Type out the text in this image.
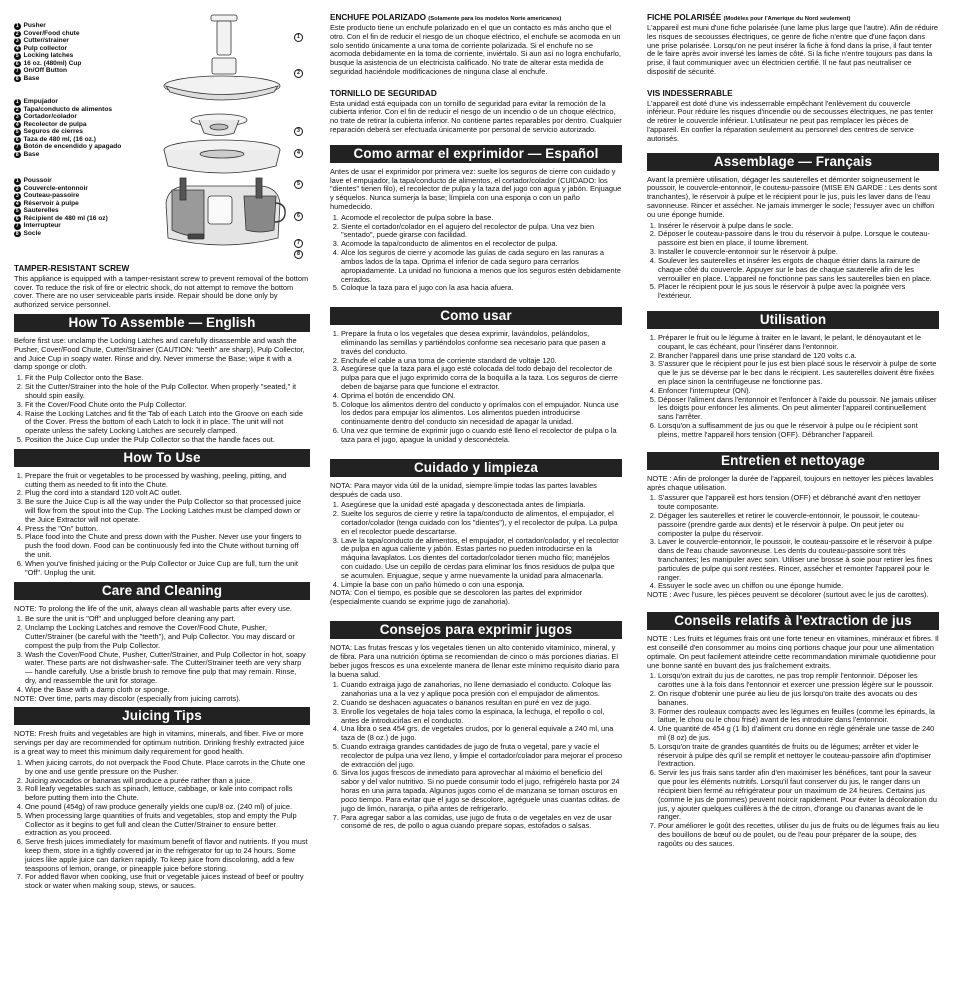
1 Pusher
2 Cover/Food chute
3 Cutter/strainer
4 Pulp collector
5 Locking latches
6 16 oz. (480ml) Cup
7 On/Off Button
8 Base
1 Empujador
2 Tapa/conducto de alimentos
3 Cortador/colador
4 Recolector de pulpa
5 Seguros de cierres
6 Taza de 480 ml, (16 oz.)
7 Botón de encendido y apagado
8 Base
1 Poussoir
2 Couvercle-entonnoir
3 Couteau-passoire
4 Réservoir à pulpe
5 Sauterelles
6 Récipient de 480 ml (16 oz)
7 Interrupteur
8 Socle
1
2
3
4
5
6
7
8
TAMPER-RESISTANT SCREW

This appliance is equipped with a tamper-resistant screw to prevent removal of the bottom cover. To reduce the risk of fire or electric shock, do not attempt to remove the bottom cover. There are no user serviceable parts inside. Repair should be done only by authorized service personnel.

How To Assemble — English

Before first use: unclamp the Locking Latches and carefully disassemble and wash the Pusher, Cover/Food Chute, Cutter/Strainer (CAUTION: "teeth" are sharp), Pulp Collector, and Juice Cup in soapy water. Rinse and dry. Never immerse the Base; wipe it with a damp sponge or cloth.

1. Fit the Pulp Collector onto the Base.
2. Sit the Cutter/Strainer into the hole of the Pulp Collector. When properly "seated," it should spin easily.
3. Fit the Cover/Food Chute onto the Pulp Collector.
4. Raise the Locking Latches and fit the Tab of each Latch into the Groove on each side of the Cover. Press the bottom of each Latch to lock it in place. The unit will not operate unless the safety Locking Latches are securely clamped.
5. Position the Juice Cup under the Pulp Collector so that the handle faces out.
How To Use
1. Prepare the fruit or vegetables to be processed by washing, peeling, pitting, and cutting them as needed to fit into the Chute.
2. Plug the cord into a standard 120 volt AC outlet.
3. Be sure the Juice Cup is all the way under the Pulp Collector so that processed juice will flow from the spout into the Cup. The Locking Latches must be clamped down or the Juice Extractor will not operate.
4. Press the "On" button.
5. Place food into the Chute and press down with the Pusher. Never use your fingers to push the food down. Food can be continuously fed into the Chute without turning off the unit.
6. When you've finished juicing or the Pulp Collector or Juice Cup are full, turn the unit "Off". Unplug the unit.
Care and Cleaning

NOTE: To prolong the life of the unit, always clean all washable parts after every use.

1. Be sure the unit is "Off" and unplugged before cleaning any part.
2. Unclamp the Locking Latches and remove the Cover/Food Chute, Pusher, Cutter/Strainer (be careful with the "teeth"), and Pulp Collector. You may discard or compost the pulp from the Pulp Collector.
3. Wash the Cover/Food Chute, Pusher, Cutter/Strainer, and Pulp Collector in hot, soapy water. These parts are not dishwasher-safe. The Cutter/Strainer teeth are very sharp — handle carefully. Use a bristle brush to remove fine pulp that may remain. Rinse, dry, and reassemble the unit for storage.
4. Wipe the Base with a damp cloth or sponge.

NOTE: Over time, parts may discolor (especially from juicing carrots).

Juicing Tips

NOTE: Fresh fruits and vegetables are high in vitamins, minerals, and fiber. Five or more servings per day are recommended for optimum nutrition. Drinking freshly extracted juice is a great way to meet this minimum daily requirement for good health.

1. When juicing carrots, do not overpack the Food Chute. Place carrots in the Chute one by one and use gentle pressure on the Pusher.
2. Juicing avocados or bananas will produce a purée rather than a juice.
3. Roll leafy vegetables such as spinach, lettuce, cabbage, or kale into compact rolls before putting them into the Chute.
4. One pound (454g) of raw produce generally yields one cup/8 oz. (240 ml) of juice.
5. When processing large quantities of fruits and vegetables, stop and empty the Pulp Collector as it begins to get full and clean the Cutter/Strainer to ensure better extraction as you proceed.
6. Serve fresh juices immediately for maximum benefit of flavor and nutrients. If you must keep them, store in a tightly covered jar in the refrigerator for up to 24 hours. Some juices like apple juice can darken rapidly. To keep juice from discoloring, add a few teaspoons of lemon, orange, or pineapple juice before storing.
7. For added flavor when cooking, use fruit or vegetable juices instead of beef or poultry stock or water when making soup, stews, or sauces.
ENCHUFE POLARIZADO (Solamente para los modelos Norte americanos)

Este producto tiene un enchufe polarizado en el que un contacto es más ancho que el otro. Con el fin de reducir el riesgo de un choque eléctrico, el enchufe se acomoda en un solo sentido únicamente a una toma de corriente polarizada. Si el enchufe no se acomoda debidamente en la toma de corriente, inviértalo. Si aun así no logra enchufarlo, busque la asistencia de un electricista calificado. No trate de alterar esta medida de seguridad haciéndole modificaciones de ninguna clase al enchufe.

TORNILLO DE SEGURIDAD

Esta unidad está equipada con un tornillo de seguridad para evitar la remoción de la cubierta inferior. Con el fin de reducir el riesgo de un incendio o de un choque eléctrico, no trate de retirar la cubierta inferior. No contiene partes reparables por dentro. Cualquier reparación deberá ser efectuada únicamente por personal de servicio autorizado.

Como armar el exprimidor — Español

Antes de usar el exprimidor por primera vez: suelte los seguros de cierre con cuidado y lave el empujador, la tapa/conducto de alimentos, el cortador/colador (CUIDADO: los "dientes" tienen filo), el recolector de pulpa y la taza del jugo con agua y jabón. Enjuague y séquelos. Nunca sumerja la base; límpiela con una esponja o con un paño humedecido.

1. Acomode el recolector de pulpa sobre la base.
2. Siente el cortador/colador en el agujero del recolector de pulpa. Una vez bien "sentado", puede girarse con facilidad.
3. Acomode la tapa/conducto de alimentos en el recolector de pulpa.
4. Alce los seguros de cierre y acomode las guías de cada seguro en las ranuras a ambos lados de la tapa. Oprima el inferior de cada seguro para cerrarlos apropiadamente. La unidad no funciona a menos que los seguros estén debidamente cerrados.
5. Coloque la taza para el jugo con la asa hacia afuera.
Como usar
1. Prepare la fruta o los vegetales que desea exprimir, lavándolos, pelándolos, eliminando las semillas y partiéndolos conforme sea necesario para que pasen a través del conducto.
2. Enchufe el cable a una toma de corriente standard de voltaje 120.
3. Asegúrese que la taza para el jugo esté colocada del todo debajo del recolector de pulpa para que el jugo exprimido corra de la boquilla a la taza. Los seguros de cierre deben de bajarse para que funcione el extractor.
4. Oprima el botón de encendido ON.
5. Coloque los alimentos dentro del conducto y oprímalos con el empujador. Nunca use los dedos para empujar los alimentos. Los alimentos pueden introducirse continuamente dentro del conducto sin necesidad de apagar la unidad.
6. Una vez que termine de exprimir jugo o cuando esté lleno el recolector de pulpa o la taza para el jugo, apague la unidad y desconéctela.
Cuidado y limpieza

NOTA: Para mayor vida útil de la unidad, siempre limpie todas las partes lavables después de cada uso.

1. Asegúrese que la unidad esté apagada y desconectada antes de limpiarla.
2. Suelte los seguros de cierre y retire la tapa/conducto de alimentos, el empujador, el cortador/colador (tenga cuidado con los "dientes"), y el recolector de pulpa. La pulpa en el recolector puede descartarse.
3. Lave la tapa/conducto de alimentos, el empujador, el cortador/colador, y el recolector de pulpa en agua caliente y jabón. Estas partes no pueden introducirse en la máquina lavaplatos. Los dientes del cortador/colador tienen mucho filo; manéjelos con cuidado. Use un cepillo de cerdas para eliminar los finos residuos de pulpa que se acumulen. Enjuague, seque y arme nuevamente la unidad para almacenarla.
4. Limpie la base con un paño húmedo o con una esponja.

NOTA: Con el tiempo, es posible que se descoloren las partes del exprimidor (especialmente cuando se exprime jugo de zanahoria).

Consejos para exprimir jugos

NOTA: Las frutas frescas y los vegetales tienen un alto contenido vitamínico, mineral, y de fibra. Para una nutrición óptima se recomiendan de cinco o más porciones diarias. El beber jugos frescos es una excelente manera de llenar este mínimo requisito diario para la buena salud.

1. Cuando extraiga jugo de zanahorias, no llene demasiado el conducto. Coloque las zanahorias una a la vez y aplique poca presión con el empujador de alimentos.
2. Cuando se deshacen aguacates o bananos resultan en puré en vez de jugo.
3. Enrolle los vegetales de hoja tales como la espinaca, la lechuga, el repollo o col, antes de introducirlas en el conducto.
4. Una libra o sea 454 grs. de vegetales crudos, por lo general equivale a 240 ml, una taza de (8 oz.) de jugo.
5. Cuando extraiga grandes cantidades de jugo de fruta o vegetal, pare y vacíe el recolector de pulpa una vez lleno, y limpie el cortador/colador para mejorar el proceso de extracción del jugo.
6. Sirva los jugos frescos de inmediato para aprovechar al máximo el beneficio del sabor y del valor nutritivo. Si no puede consumir todo el jugo, refrigérelo hasta por 24 horas en una jarra tapada. Algunos jugos como el de manzana se tornan oscuros en poco tiempo. Para evitar que el jugo se descolore, agréguele unas cuantas cditas. de jugo de limón, naranja, o piña antes de refrigerarlo.
7. Para agregar sabor a las comidas, use jugo de fruta o de vegetales en vez de usar consomé de res, de pollo o agua cuando prepare sopas, estofados o salsas.
FICHE POLARISÉE (Modèles pour l'Amerique du Nord seulement)

L'appareil est muni d'une fiche polarisée (une lame plus large que l'autre). Afin de réduire les risques de secousses électriques, ce genre de fiche n'entre que d'une façon dans une prise polarisée. Lorsqu'on ne peut insérer la fiche à fond dans la prise, il faut tenter de le faire après avoir inversé les lames de côté. Si la fiche n'entre toujours pas dans la prise, il faut communiquer avec un électricien certifié. Il ne faut pas neutraliser ce dispositif de sécurité.

VIS INDESSERRABLE

L'appareil est doté d'une vis indesserrable empêchant l'enlèvement du couvercle inférieur. Pour réduire les risques d'incendie ou de secousses électriques, ne pas tenter de retirer le couvercle inférieur. L'utilisateur ne peut pas remplacer les pièces de l'appareil. En confier la réparation seulement au personnel des centres de service autorisés.

Assemblage — Français

Avant la première utilisation, dégager les sauterelles et démonter soigneusement le poussoir, le couvercle-entonnoir, le couteau-passoire (MISE EN GARDE : Les dents sont tranchantes), le réservoir à pulpe et le récipient pour le jus, puis les laver dans de l'eau savonneuse. Rincer et assécher. Ne jamais immerger le socle; l'essuyer avec un chiffon ou une éponge humide.

1. Insérer le réservoir à pulpe dans le socle.
2. Déposer le couteau-passoire dans le trou du réservoir à pulpe. Lorsque le couteau-passoire est bien en place, il tourne librement.
3. Installer le couvercle-entonnoir sur le réservoir à pulpe.
4. Soulever les sauterelles et insérer les ergots de chaque étrier dans la rainure de chaque côté du couvercle. Appuyer sur le bas de chaque sauterelle afin de les verrouiller en place. L'appareil ne fonctionne pas sans les sauterelles bien en place.
5. Placer le récipient pour le jus sous le réservoir à pulpe avec la poignée vers l'extérieur.
Utilisation
1. Préparer le fruit ou le légume à traiter en le lavant, le pelant, le dénoyautant et le coupant, le cas échéant, pour l'insérer dans l'entonnoir.
2. Brancher l'appareil dans une prise standard de 120 volts c.a.
3. S'assurer que le récipient pour le jus est bien placé sous le réservoir à pulpe de sorte que le jus se déverse par le bec dans le récipient. Les sauterelles doivent être fixées en place sinon la centrifugeuse ne fonctionne pas.
4. Enfoncer l'interrupteur (ON).
5. Déposer l'aliment dans l'entonnoir et l'enfoncer à l'aide du poussoir. Ne jamais utiliser les doigts pour enfoncer les aliments. On peut alimenter l'appareil continuellement sans l'arrêter.
6. Lorsqu'on a suffisamment de jus ou que le réservoir à pulpe ou le récipient sont pleins, mettre l'appareil hors tension (OFF). Débrancher l'appareil.
Entretien et nettoyage

NOTE : Afin de prolonger la durée de l'appareil, toujours en nettoyer les pièces lavables après chaque utilisation.

1. S'assurer que l'appareil est hors tension (OFF) et débranché avant d'en nettoyer toute composante.
2. Dégager les sauterelles et retirer le couvercle-entonnoir, le poussoir, le couteau-passoire (prendre garde aux dents) et le réservoir à pulpe. On peut jeter ou composter la pulpe du réservoir.
3. Laver le couvercle-entonnoir, le poussoir, le couteau-passoire et le réservoir à pulpe dans de l'eau chaude savonneuse. Les dents du couteau-passoire sont très tranchantes; les manipuler avec soin. Utiliser une brosse à soie pour retirer les fines particules de pulpe qui sont restées. Rincer, assécher et remonter l'appareil pour le ranger.
4. Essuyer le socle avec un chiffon ou une éponge humide.

NOTE : Avec l'usure, les pièces peuvent se décolorer (surtout avec le jus de carottes).

Conseils relatifs à l'extraction de jus

NOTE : Les fruits et légumes frais ont une forte teneur en vitamines, minéraux et fibres. Il est conseillé d'en consommer au moins cinq portions chaque jour pour une alimentation optimale. On peut facilement atteindre cette recommandation minimale quotidienne pour une bonne santé en buvant des jus fraîchement extraits.

1. Lorsqu'on extrait du jus de carottes, ne pas trop remplir l'entonnoir. Déposer les carottes une à la fois dans l'entonnoir et exercer une pression légère sur le poussoir.
2. On risque d'obtenir une purée au lieu de jus lorsqu'on traite des avocats ou des bananes.
3. Former des rouleaux compacts avec les légumes en feuilles (comme les épinards, la laitue, le chou ou le chou frisé) avant de les introduire dans l'entonnoir.
4. Une quantité de 454 g (1 lb) d'aliment cru donne en règle générale une tasse de 240 ml (8 oz) de jus.
5. Lorsqu'on traite de grandes quantités de fruits ou de légumes; arrêter et vider le réservoir à pulpe dès qu'il se remplit et nettoyer le couteau-passoire afin d'optimiser l'extraction.
6. Servir les jus frais sans tarder afin d'en maximiser les bénéfices, tant pour la saveur que pour les éléments nutritifs. Lorsqu'il faut conserver du jus, le ranger dans un récipient bien fermé au réfrigérateur pour un maximum de 24 heures. Certains jus (comme le jus de pommes) peuvent noircir rapidement. Pour éviter la décoloration du jus, y ajouter quelques cuillères à thé de citron, d'orange ou d'ananas avant de le ranger.
7. Pour améliorer le goût des recettes, utiliser du jus de fruits ou de légumes frais au lieu des bouillons de bœuf ou de poulet, ou de l'eau pour préparer de la soupe, des ragoûts ou des sauces.
